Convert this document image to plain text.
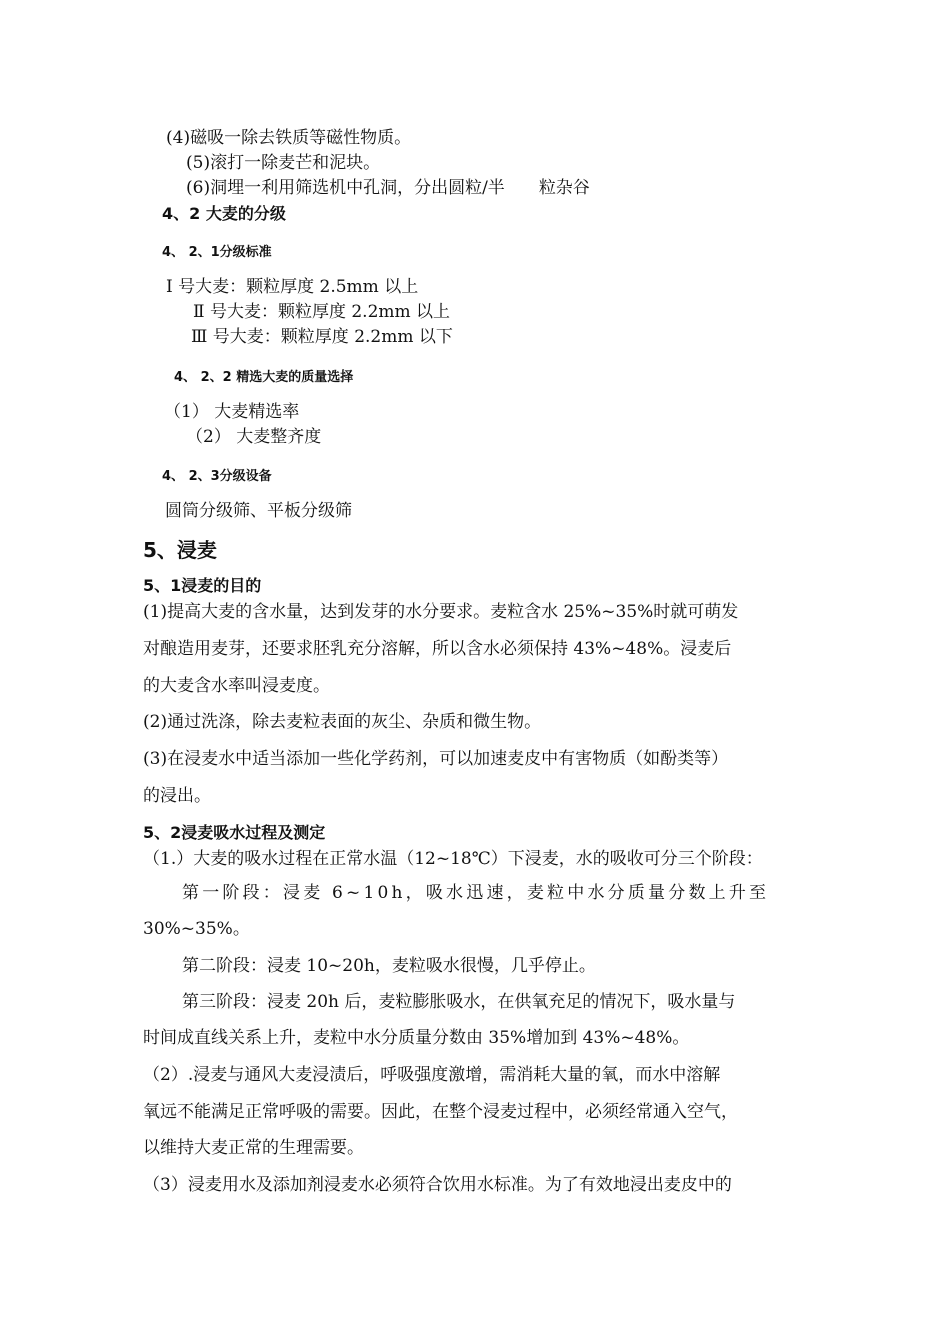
(4)磁吸一除去铁质等磁性物质。
(5)滚打一除麦芒和泥块。
(6)洞埋一利用筛选机中孔洞，分出圆粒/半 粒杂谷
4、2 大麦的分级
4、 2、1分级标准
Ⅰ 号大麦：颗粒厚度 2.5mm 以上
Ⅱ 号大麦：颗粒厚度 2.2mm 以上
Ⅲ 号大麦：颗粒厚度 2.2mm 以下
4、 2、2 精选大麦的质量选择
（1） 大麦精选率
（2） 大麦整齐度
4、 2、3分级设备
圆筒分级筛、平板分级筛
5、浸麦
5、1浸麦的目的
(1)提高大麦的含水量，达到发芽的水分要求。麦粒含水 25%~35%时就可萌发
对酿造用麦芽，还要求胚乳充分溶解，所以含水必须保持 43%~48%。浸麦后
的大麦含水率叫浸麦度。
(2)通过洗涤，除去麦粒表面的灰尘、杂质和微生物。
(3)在浸麦水中适当添加一些化学药剂，可以加速麦皮中有害物质（如酚类等）
的浸出。
5、2浸麦吸水过程及测定
（1.）大麦的吸水过程在正常水温（12~18℃）下浸麦，水的吸收可分三个阶段：
第一阶段：浸麦 6~10h，吸水迅速，麦粒中水分质量分数上升至
30%~35%。
第二阶段：浸麦 10~20h，麦粒吸水很慢，几乎停止。
第三阶段：浸麦 20h 后，麦粒膨胀吸水，在供氧充足的情况下，吸水量与
时间成直线关系上升，麦粒中水分质量分数由 35%增加到 43%~48%。
（2）.浸麦与通风大麦浸渍后，呼吸强度激增，需消耗大量的氧，而水中溶解
氧远不能满足正常呼吸的需要。因此，在整个浸麦过程中，必须经常通入空气，
以维持大麦正常的生理需要。
（3）浸麦用水及添加剂浸麦水必须符合饮用水标准。为了有效地浸出麦皮中的
